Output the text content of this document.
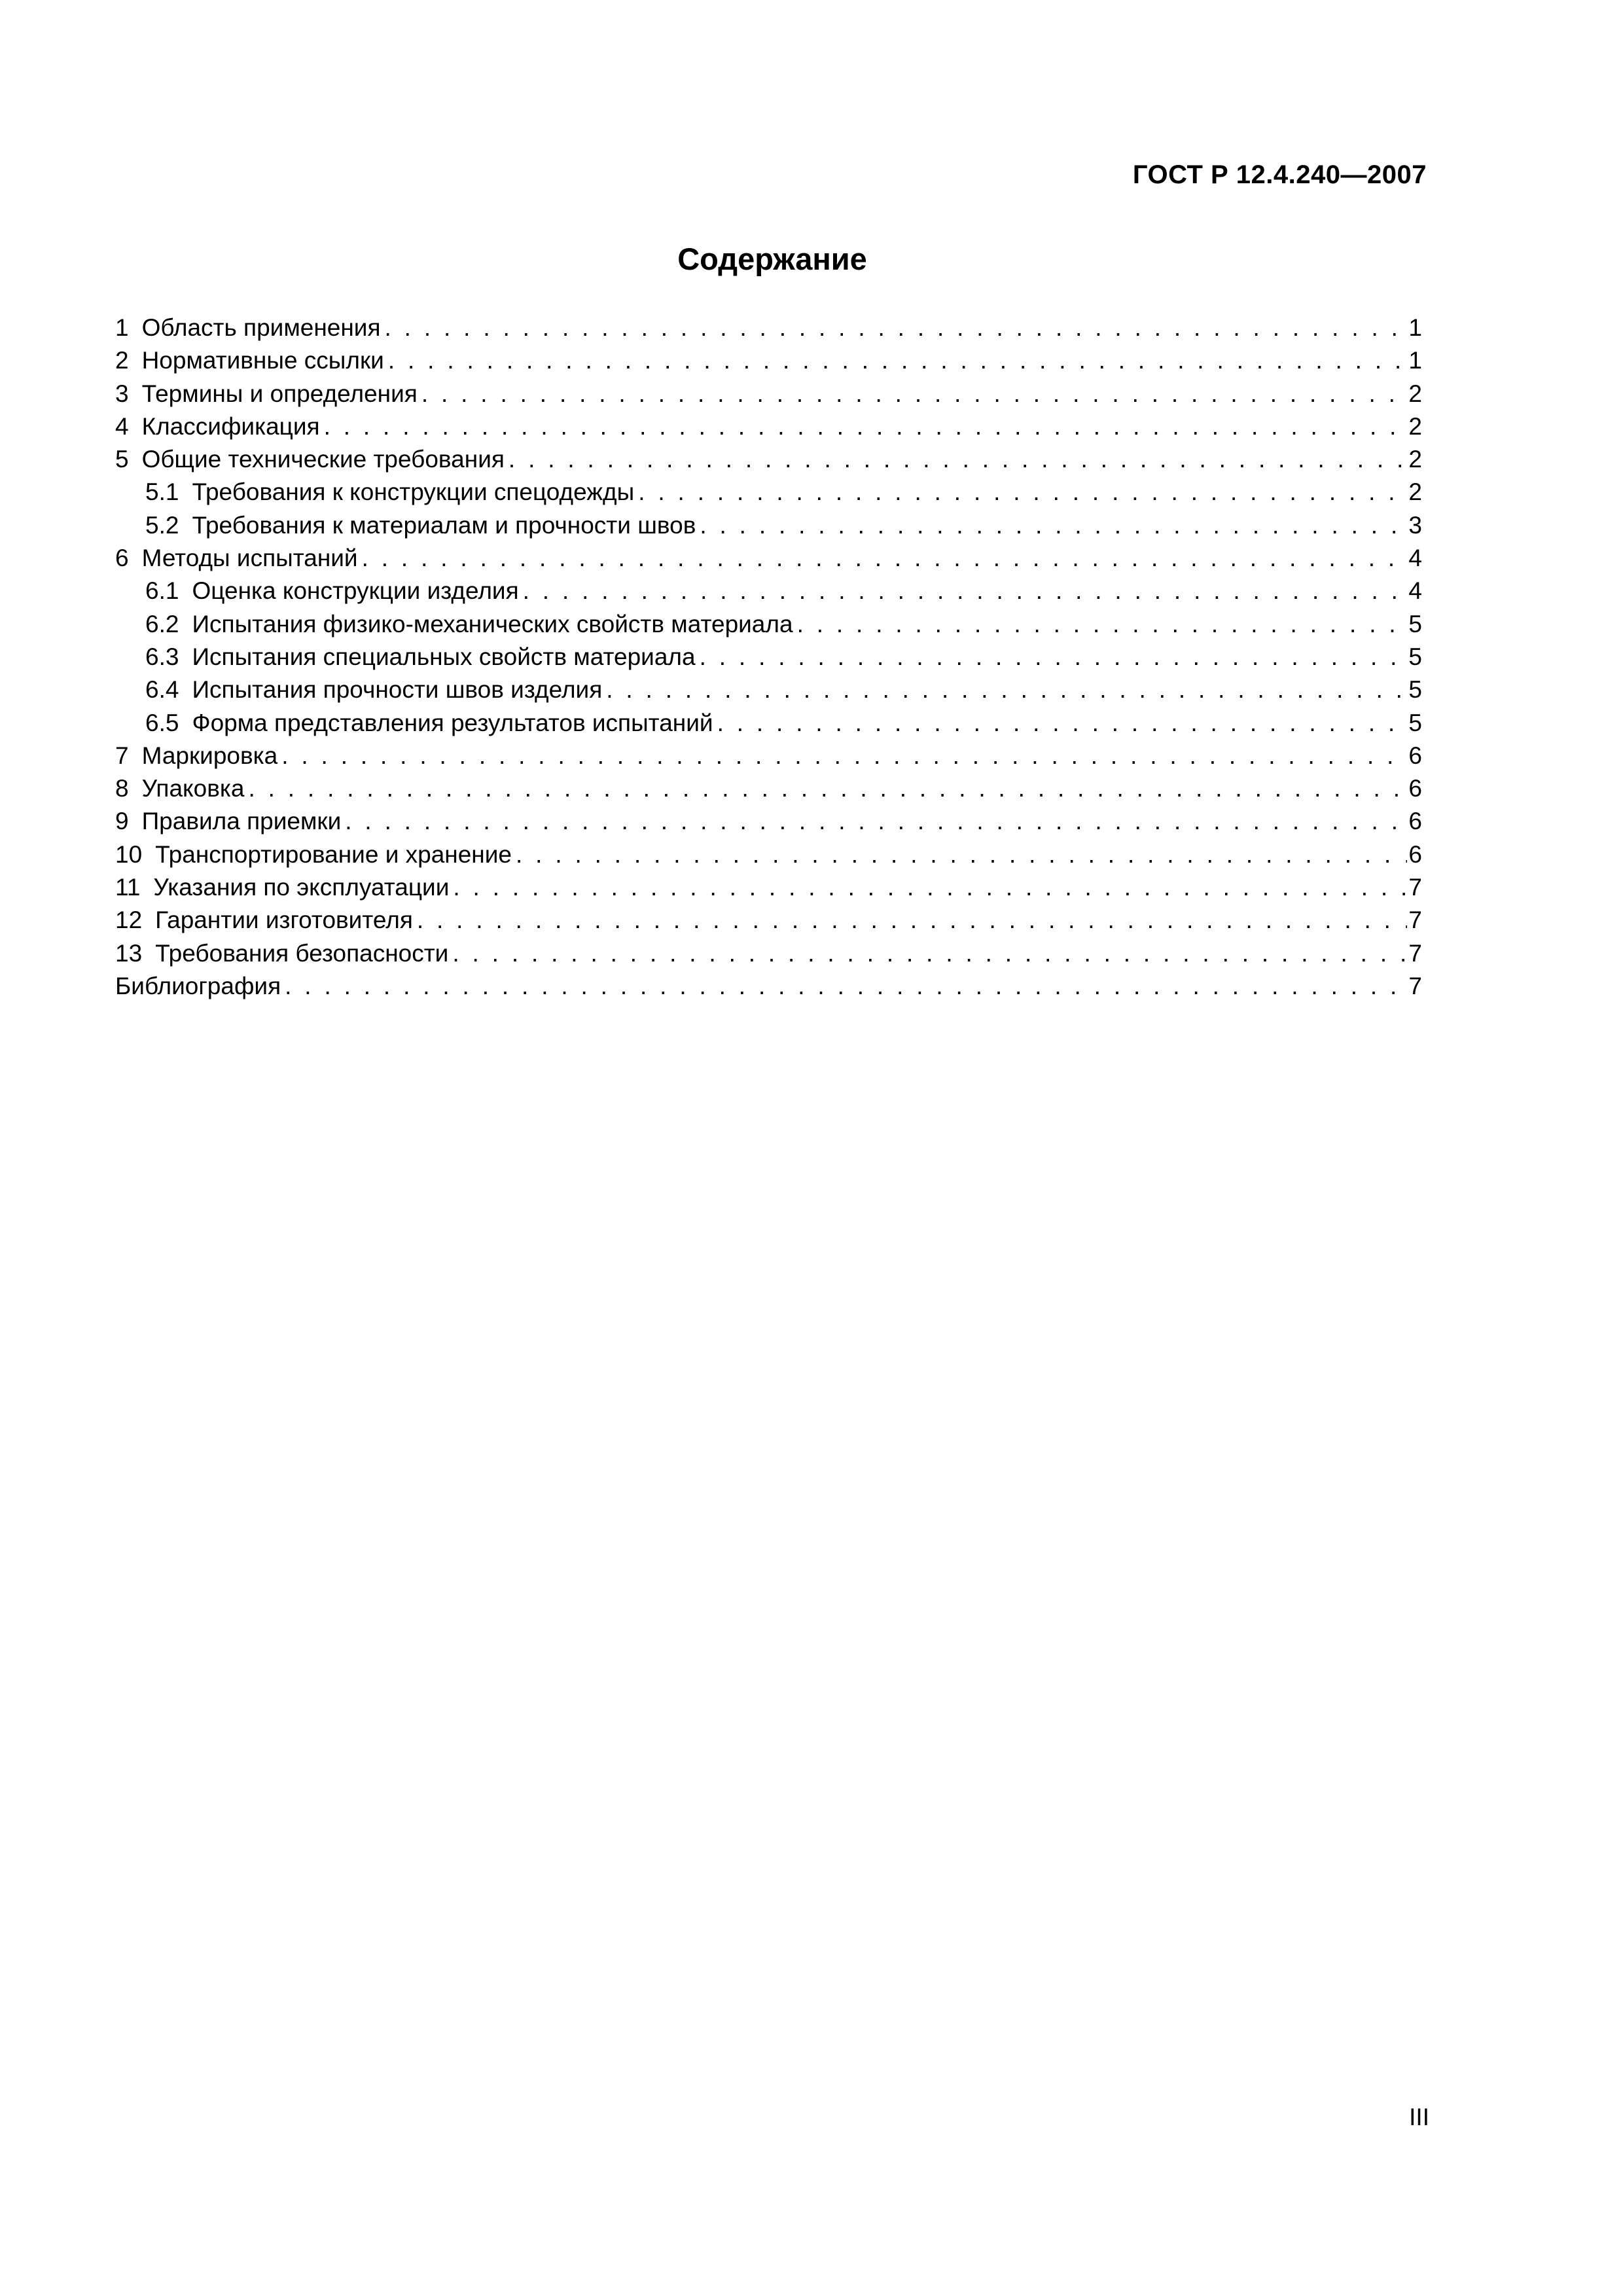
ГОСТ Р 12.4.240—2007
Содержание
1 Область применения . . .	1
2 Нормативные ссылки . . .	1
3 Термины и определения . . .	2
4 Классификация . . .	2
5 Общие технические требования . . .	2
5.1 Требования к конструкции спецодежды . . .	2
5.2 Требования к материалам и прочности швов . . .	3
6 Методы испытаний . . .	4
6.1 Оценка конструкции изделия . . .	4
6.2 Испытания физико-механических свойств материала . . .	5
6.3 Испытания специальных свойств материала . . .	5
6.4 Испытания прочности швов изделия . . .	5
6.5 Форма представления результатов испытаний . . .	5
7 Маркировка . . .	6
8 Упаковка . . .	6
9 Правила приемки . . .	6
10 Транспортирование и хранение . . .	6
11 Указания по эксплуатации . . .	7
12 Гарантии изготовителя . . .	7
13 Требования безопасности . . .	7
Библиография . . .	7
III
